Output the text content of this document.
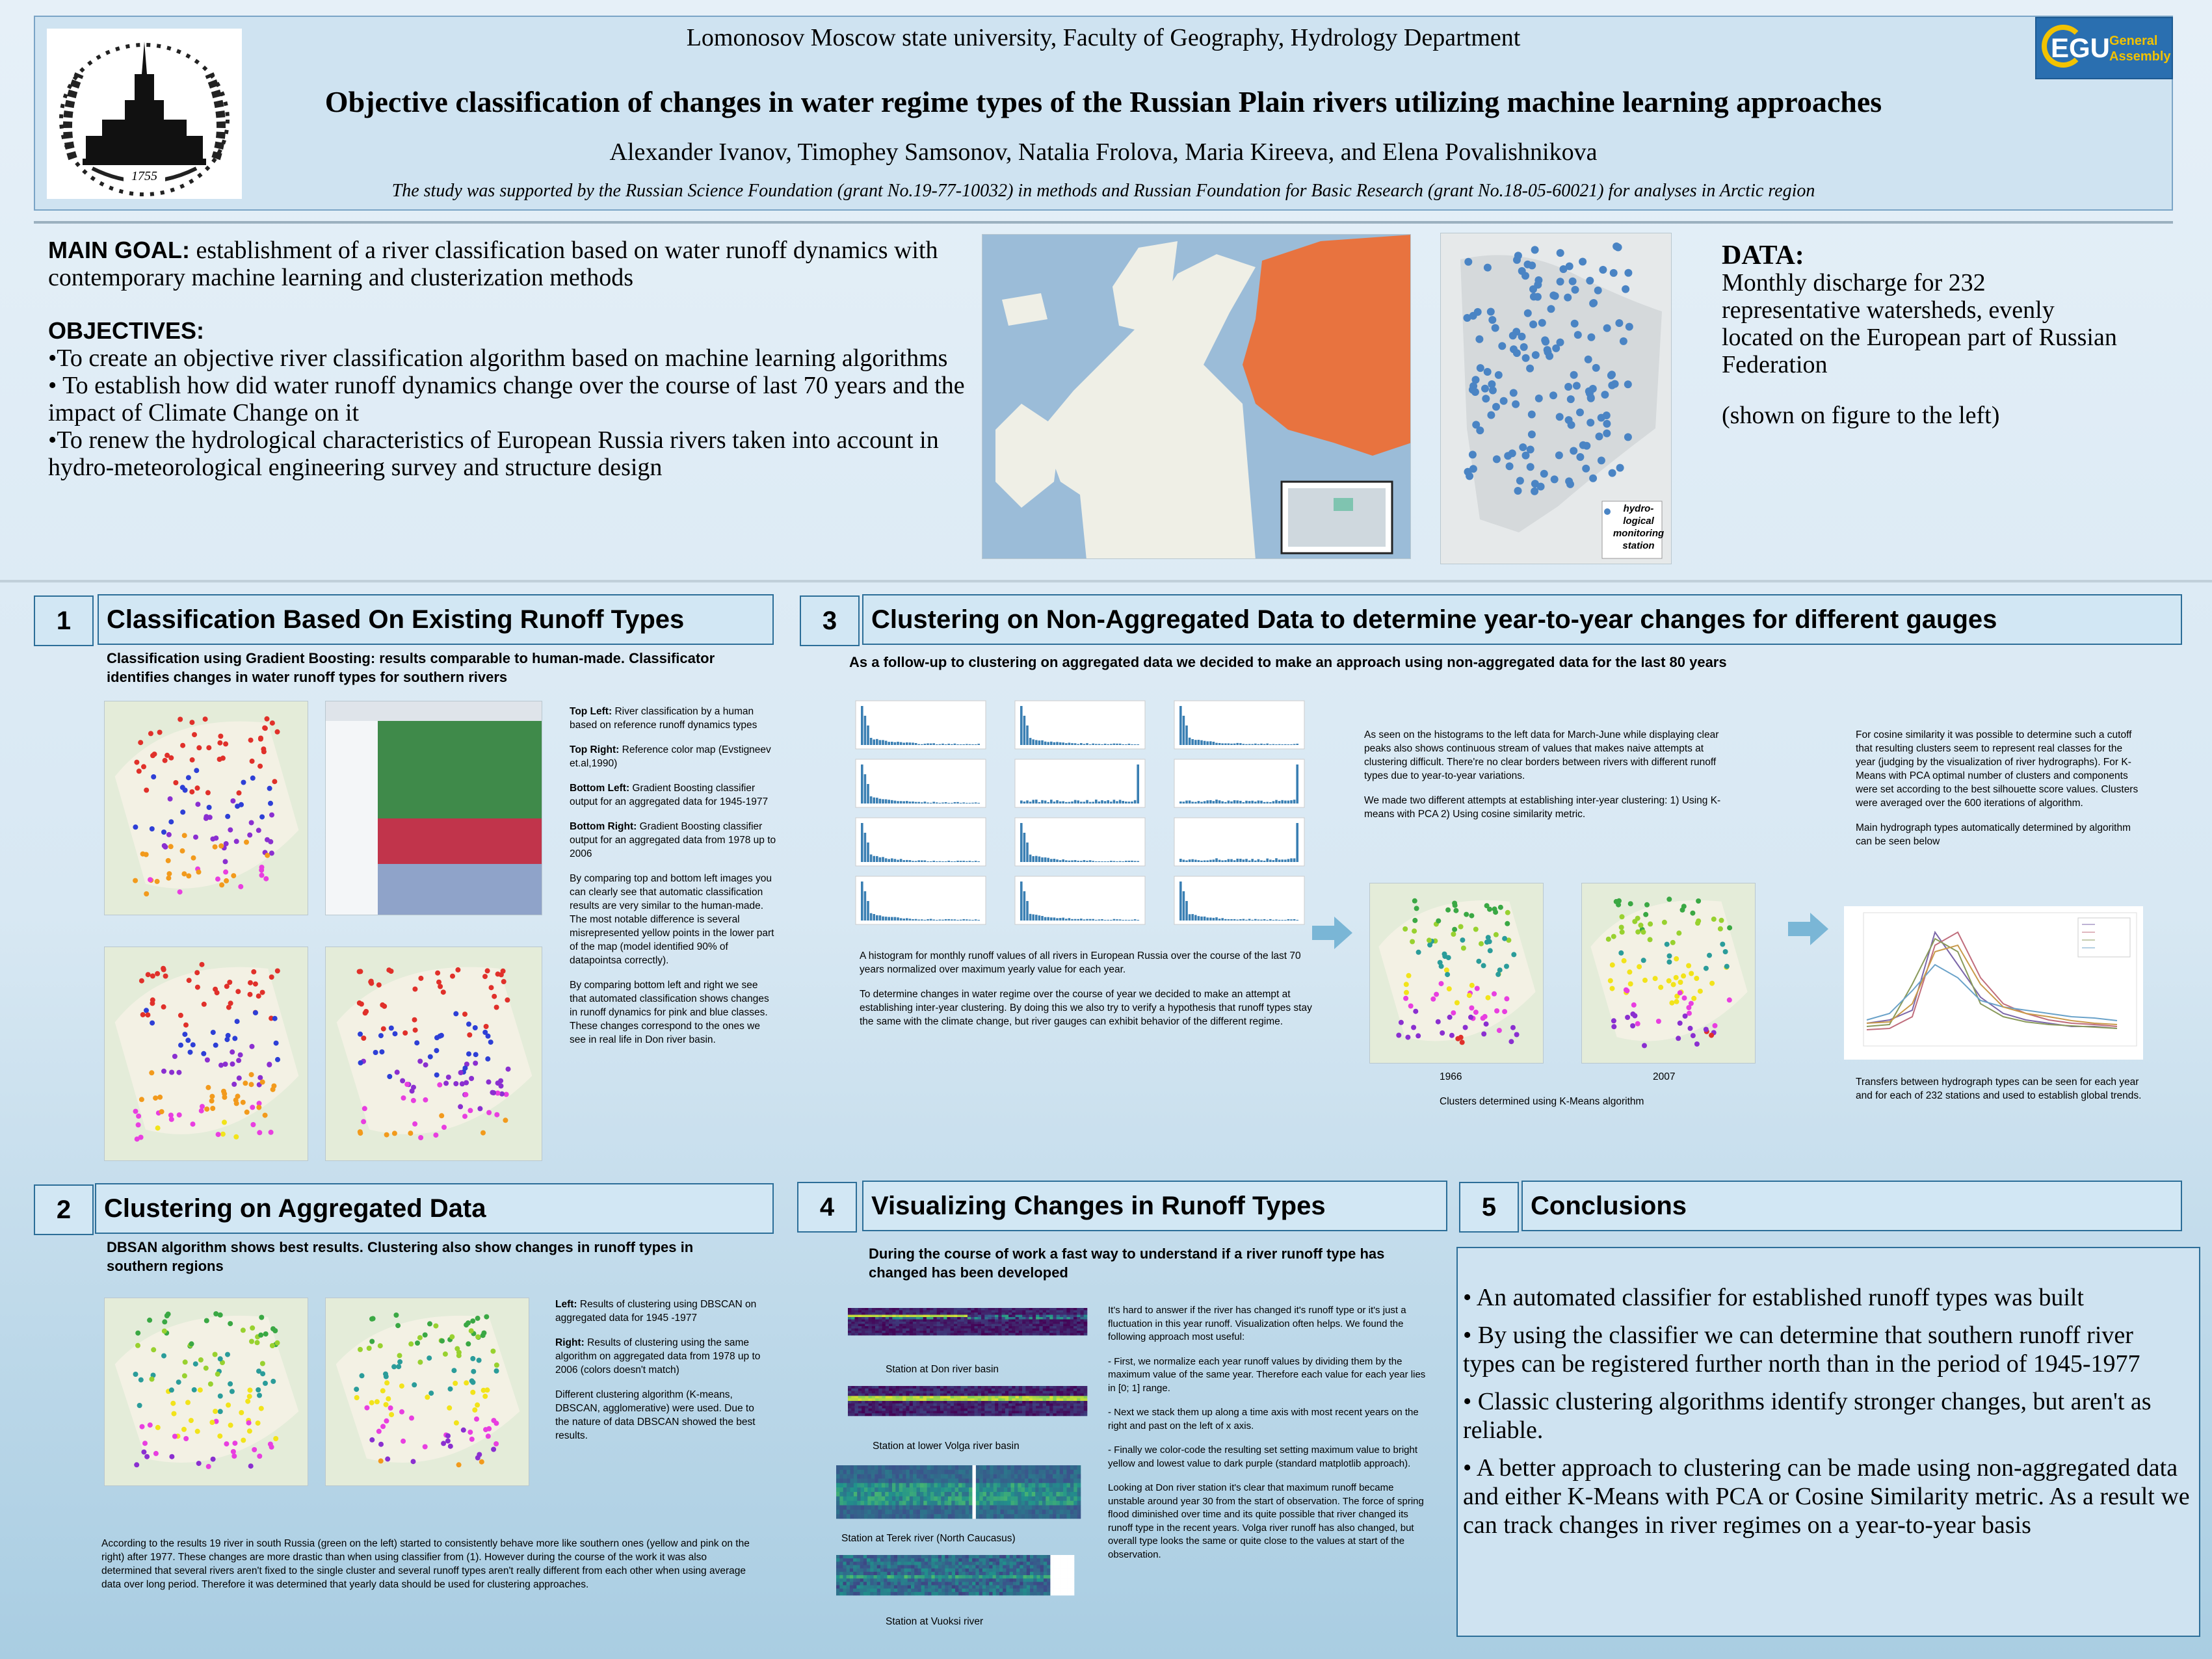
1755
Lomonosov Moscow state university, Faculty of Geography, Hydrology Department
Objective classification of changes in water regime types of the Russian Plain rivers utilizing machine learning approaches
Alexander Ivanov, Timophey Samsonov, Natalia Frolova, Maria Kireeva, and Elena Povalishnikova
The study was supported by the Russian Science Foundation (grant No.19-77-10032) in methods and Russian Foundation for Basic Research (grant No.18-05-60021) for analyses in Arctic region
EGU
General
Assembly
MAIN GOAL: establishment of a river classification based on water runoff dynamics with contemporary machine learning and clusterization methods
OBJECTIVES:
•To create an objective river classification algorithm based on machine learning algorithms
• To establish how did water runoff dynamics change over the course of last 70 years and the impact of Climate Change on it
•To renew the hydrological characteristics of European Russia rivers taken into account in hydro-meteorological engineering survey and structure design
hydro-
logical
monitoring
station
DATA:
Monthly discharge for 232 representative watersheds, evenly located on the European part of Russian Federation
(shown on figure to the left)
1	Classification Based On Existing Runoff Types
Classification using Gradient Boosting: results comparable to human-made. Classificator identifies changes in water runoff types for southern rivers

Top Left: River classification by a human based on reference runoff dynamics types

Top Right: Reference color map (Evstigneev et.al,1990)

Bottom Left: Gradient Boosting classifier output for an aggregated data for 1945-1977

Bottom Right: Gradient Boosting classifier output for an aggregated data from 1978 up to 2006

By comparing top and bottom left images you can clearly see that automatic classification results are very similar to the human-made. The most notable difference is several misrepresented yellow points in the lower part of the map (model identified 90% of datapointsa correctly).

By comparing bottom left and right we see that automated classification shows changes in runoff dynamics for pink and blue classes. These changes correspond to the ones we see in real life in Don river basin.

2	Clustering on Aggregated Data
DBSAN algorithm shows best results. Clustering also show changes in runoff types in southern regions

Left: Results of clustering using DBSCAN on aggregated data for 1945 -1977

Right: Results of clustering using the same algorithm on aggregated data from 1978 up to 2006 (colors doesn't match)

Different clustering algorithm (K-means, DBSCAN, agglomerative) were used. Due to the nature of data DBSCAN showed the best results.

According to the results 19 river in south Russia (green on the left) started to consistently behave more like southern ones (yellow and pink on the right) after 1977. These changes are more drastic than when using classifier from (1). However during the course of the work it was also determined that several rivers aren't fixed to the single cluster and several runoff types aren't really different from each other when using average data over long period. Therefore it was determined that yearly data should be used for clustering approaches.
3	Clustering on Non-Aggregated Data to determine year-to-year changes for different gauges
As a follow-up to clustering on aggregated data we decided to make an approach using non-aggregated data for the last 80 years

A histogram for monthly runoff values of all rivers in European Russia over the course of the last 70 years normalized over maximum yearly value for each year.

To determine changes in water regime over the course of year we decided to make an attempt at establishing inter-year clustering. By doing this we also try to verify a hypothesis that runoff types stay the same with the climate change, but river gauges can exhibit behavior of the different regime.

As seen on the histograms to the left data for March-June while displaying clear peaks also shows continuous stream of values that makes naive attempts at clustering difficult. There're no clear borders between rivers with different runoff types due to year-to-year variations.

We made two different attempts at establishing inter-year clustering: 1) Using K-means with PCA 2) Using cosine similarity metric.

1966	2007
Clusters determined using K-Means algorithm

For cosine similarity it was possible to determine such a cutoff that resulting clusters seem to represent real classes for the year (judging by the visualization of river hydrographs). For K-Means with PCA optimal number of clusters and components were set according to the best silhouette score values. Clusters were averaged over the 600 iterations of algorithm.

Main hydrograph types automatically determined by algorithm can be seen below

Transfers between hydrograph types can be seen for each year and for each of 232 stations and used to establish global trends.
4	Visualizing Changes in Runoff Types
During the course of work a fast way to understand if a river runoff type has changed has been developed
Station at Don river basin
Station at lower Volga river basin
Station at Terek river (North Caucasus)
Station at Vuoksi river

It's hard to answer if the river has changed it's runoff type or it's just a fluctuation in this year runoff. Visualization often helps. We found the following approach most useful:

- First, we normalize each year runoff values by dividing them by the maximum value of the same year. Therefore each value for each year lies in [0; 1] range.

- Next we stack them up along a time axis with most recent years on the right and past on the left of x axis.

- Finally we color-code the resulting set setting maximum value to bright yellow and lowest value to dark purple (standard matplotlib approach).

Looking at Don river station it's clear that maximum runoff became unstable around year 30 from the start of observation. The force of spring flood diminished over time and its quite possible that river changed its runoff type in the recent years. Volga river runoff has also changed, but overall type looks the same or quite close to the values at start of the observation.

5	Conclusions

• An automated classifier for established runoff types was built

• By using the classifier we can determine that southern runoff river types can be registered further north than in the period of 1945-1977

• Classic clustering algorithms identify stronger changes, but aren't as reliable.

• A better approach to clustering can be made using non-aggregated data and either K-Means with PCA or Cosine Similarity metric. As a result we can track changes in river regimes on a year-to-year basis
